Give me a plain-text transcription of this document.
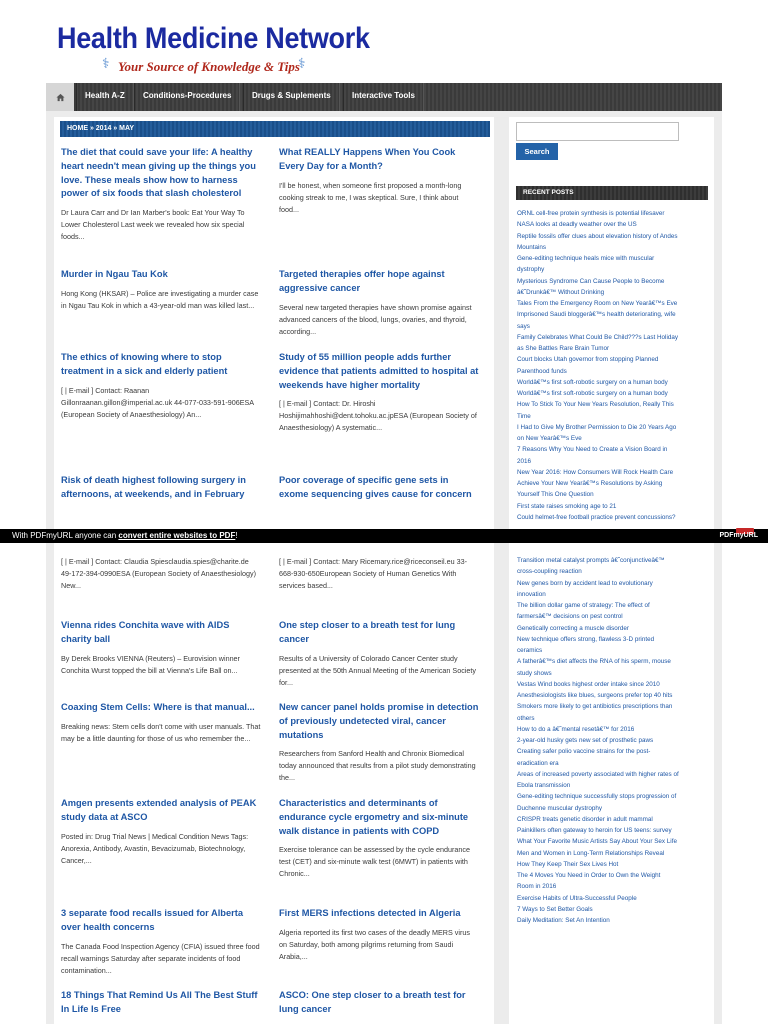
Health Medicine Network
⚕ Your Source of Knowledge & Tips
⚕
Health A-Z	Conditions-Procedures	Drugs & Suplements	Interactive Tools
HOME » 2014 » MAY
The diet that could save your life: A healthy heart needn't mean giving up the things you love. These meals show how to harness power of six foods that slash cholesterol
Dr Laura Carr and Dr Ian Marber's book: Eat Your Way To Lower Cholesterol Last week we revealed how six special foods...
Murder in Ngau Tau Kok
Hong Kong (HKSAR) – Police are investigating a murder case in Ngau Tau Kok in which a 43-year-old man was killed last...
The ethics of knowing where to stop treatment in a sick and elderly patient
[ | E-mail ] Contact: Raanan Gillonraanan.gillon@imperial.ac.uk 44-077-033-591-906ESA (European Society of Anaesthesiology) An...
Risk of death highest following surgery in afternoons, at weekends, and in February
[ | E-mail ] Contact: Claudia Spiesclaudia.spies@charite.de 49-172-394-0990ESA (European Society of Anaesthesiology) New...
Vienna rides Conchita wave with AIDS charity ball
By Derek Brooks VIENNA (Reuters) – Eurovision winner Conchita Wurst topped the bill at Vienna's Life Ball on...
Coaxing Stem Cells: Where is that manual...
Breaking news: Stem cells don't come with user manuals. That may be a little daunting for those of us who remember the...
Amgen presents extended analysis of PEAK study data at ASCO
Posted in: Drug Trial News | Medical Condition News Tags: Anorexia, Antibody, Avastin, Bevacizumab, Biotechnology, Cancer,...
3 separate food recalls issued for Alberta over health concerns
The Canada Food Inspection Agency (CFIA) issued three food recall warnings Saturday after separate incidents of food contamination...
18 Things That Remind Us All The Best Stuff In Life Is Free
What REALLY Happens When You Cook Every Day for a Month?
I'll be honest, when someone first proposed a month-long cooking streak to me, I was skeptical. Sure, I think about food...
Targeted therapies offer hope against aggressive cancer
Several new targeted therapies have shown promise against advanced cancers of the blood, lungs, ovaries, and thyroid, according...
Study of 55 million people adds further evidence that patients admitted to hospital at weekends have higher mortality
[ | E-mail ] Contact: Dr. Hiroshi Hoshijimahhoshi@dent.tohoku.ac.jpESA (European Society of Anaesthesiology) A systematic...
Poor coverage of specific gene sets in exome sequencing gives cause for concern
[ | E-mail ] Contact: Mary Ricemary.rice@riceconseil.eu 33-668-930-650European Society of Human Genetics With services based...
One step closer to a breath test for lung cancer
Results of a University of Colorado Cancer Center study presented at the 50th Annual Meeting of the American Society for...
New cancer panel holds promise in detection of previously undetected viral, cancer mutations
Researchers from Sanford Health and Chronix Biomedical today announced that results from a pilot study demonstrating the...
Characteristics and determinants of endurance cycle ergometry and six-minute walk distance in patients with COPD
Exercise tolerance can be assessed by the cycle endurance test (CET) and six-minute walk test (6MWT) in patients with Chronic...
First MERS infections detected in Algeria
Algeria reported its first two cases of the deadly MERS virus on Saturday, both among pilgrims returning from Saudi Arabia,...
ASCO: One step closer to a breath test for lung cancer
Search
RECENT POSTS
ORNL cell-free protein synthesis is potential lifesaver
NASA looks at deadly weather over the US
Reptile fossils offer clues about elevation history of Andes
Mountains
Gene-editing technique heals mice with muscular
dystrophy
Mysterious Syndrome Can Cause People to Become
â€˜Drunkâ€™ Without Drinking
Tales From the Emergency Room on New Yearâ€™s Eve
Imprisoned Saudi bloggerâ€™s health deteriorating, wife
says
Family Celebrates What Could Be Child???s Last Holiday
as She Battles Rare Brain Tumor
Court blocks Utah governor from stopping Planned
Parenthood funds
Worldâ€™s first soft-robotic surgery on a human body
Worldâ€™s first soft-robotic surgery on a human body
How To Stick To Your New Years Resolution, Really This
Time
I Had to Give My Brother Permission to Die 20 Years Ago
on New Yearâ€™s Eve
7 Reasons Why You Need to Create a Vision Board in
2016
New Year 2016: How Consumers Will Rock Health Care
Achieve Your New Yearâ€™s Resolutions by Asking
Yourself This One Question
First state raises smoking age to 21
Could helmet-free football practice prevent concussions?
Transition metal catalyst prompts â€˜conjunctiveâ€™
cross-coupling reaction
New genes born by accident lead to evolutionary
innovation
The billion dollar game of strategy: The effect of
farmersâ€™ decisions on pest control
Genetically correcting a muscle disorder
New technique offers strong, flawless 3-D printed
ceramics
A fatherâ€™s diet affects the RNA of his sperm, mouse
study shows
Vestas Wind books highest order intake since 2010
Anesthesiologists like blues, surgeons prefer top 40 hits
Smokers more likely to get antibiotics prescriptions than
others
How to do a â€˜mental resetâ€™ for 2016
2-year-old husky gets new set of prosthetic paws
Creating safer polio vaccine strains for the post-
eradication era
Areas of increased poverty associated with higher rates of
Ebola transmission
Gene-editing technique successfully stops progression of
Duchenne muscular dystrophy
CRISPR treats genetic disorder in adult mammal
Painkillers often gateway to heroin for US teens: survey
What Your Favorite Music Artists Say About Your Sex Life
Men and Women in Long-Term Relationships Reveal
How They Keep Their Sex Lives Hot
The 4 Moves You Need in Order to Own the Weight
Room in 2016
Exercise Habits of Ultra-Successful People
7 Ways to Set Better Goals
Daily Meditation: Set An Intention
With PDFmyURL anyone can convert entire websites to PDF!	PDFmyURL
